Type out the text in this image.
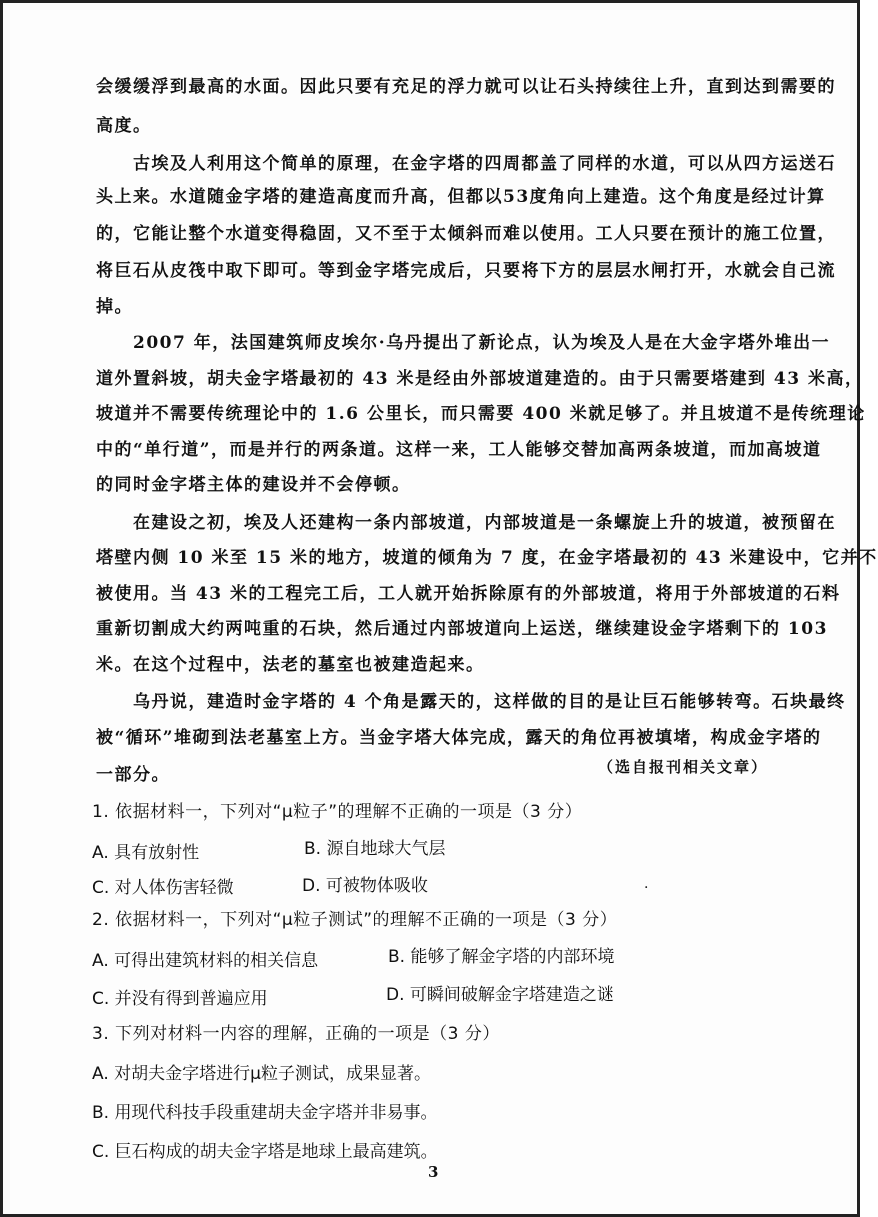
会缓缓浮到最高的水面。因此只要有充足的浮力就可以让石头持续往上升，直到达到需要的
高度。
　　古埃及人利用这个简单的原理，在金字塔的四周都盖了同样的水道，可以从四方运送石
头上来。水道随金字塔的建造高度而升高，但都以53度角向上建造。这个角度是经过计算
的，它能让整个水道变得稳固，又不至于太倾斜而难以使用。工人只要在预计的施工位置，
将巨石从皮筏中取下即可。等到金字塔完成后，只要将下方的层层水闸打开，水就会自己流
掉。
　　2007 年，法国建筑师皮埃尔·乌丹提出了新论点，认为埃及人是在大金字塔外堆出一
道外置斜坡，胡夫金字塔最初的 43 米是经由外部坡道建造的。由于只需要塔建到 43 米高，
坡道并不需要传统理论中的 1.6 公里长，而只需要 400 米就足够了。并且坡道不是传统理论
中的“单行道”，而是并行的两条道。这样一来，工人能够交替加高两条坡道，而加高坡道
的同时金字塔主体的建设并不会停顿。
　　在建设之初，埃及人还建构一条内部坡道，内部坡道是一条螺旋上升的坡道，被预留在
塔壁内侧 10 米至 15 米的地方，坡道的倾角为 7 度，在金字塔最初的 43 米建设中，它并不
被使用。当 43 米的工程完工后，工人就开始拆除原有的外部坡道，将用于外部坡道的石料
重新切割成大约两吨重的石块，然后通过内部坡道向上运送，继续建设金字塔剩下的 103
米。在这个过程中，法老的墓室也被建造起来。
　　乌丹说，建造时金字塔的 4 个角是露天的，这样做的目的是让巨石能够转弯。石块最终
被“循环”堆砌到法老墓室上方。当金字塔大体完成，露天的角位再被填堵，构成金字塔的
一部分。	（选自报刊相关文章）
1. 依据材料一，下列对“μ粒子”的理解不正确的一项是（3 分）
A. 具有放射性	B. 源自地球大气层
C. 对人体伤害轻微	D. 可被物体吸收	·
2. 依据材料一，下列对“μ粒子测试”的理解不正确的一项是（3 分）
A. 可得出建筑材料的相关信息	B. 能够了解金字塔的内部环境
C. 并没有得到普遍应用	D. 可瞬间破解金字塔建造之谜
3. 下列对材料一内容的理解，正确的一项是（3 分）
A. 对胡夫金字塔进行μ粒子测试，成果显著。
B. 用现代科技手段重建胡夫金字塔并非易事。
C. 巨石构成的胡夫金字塔是地球上最高建筑。
3
